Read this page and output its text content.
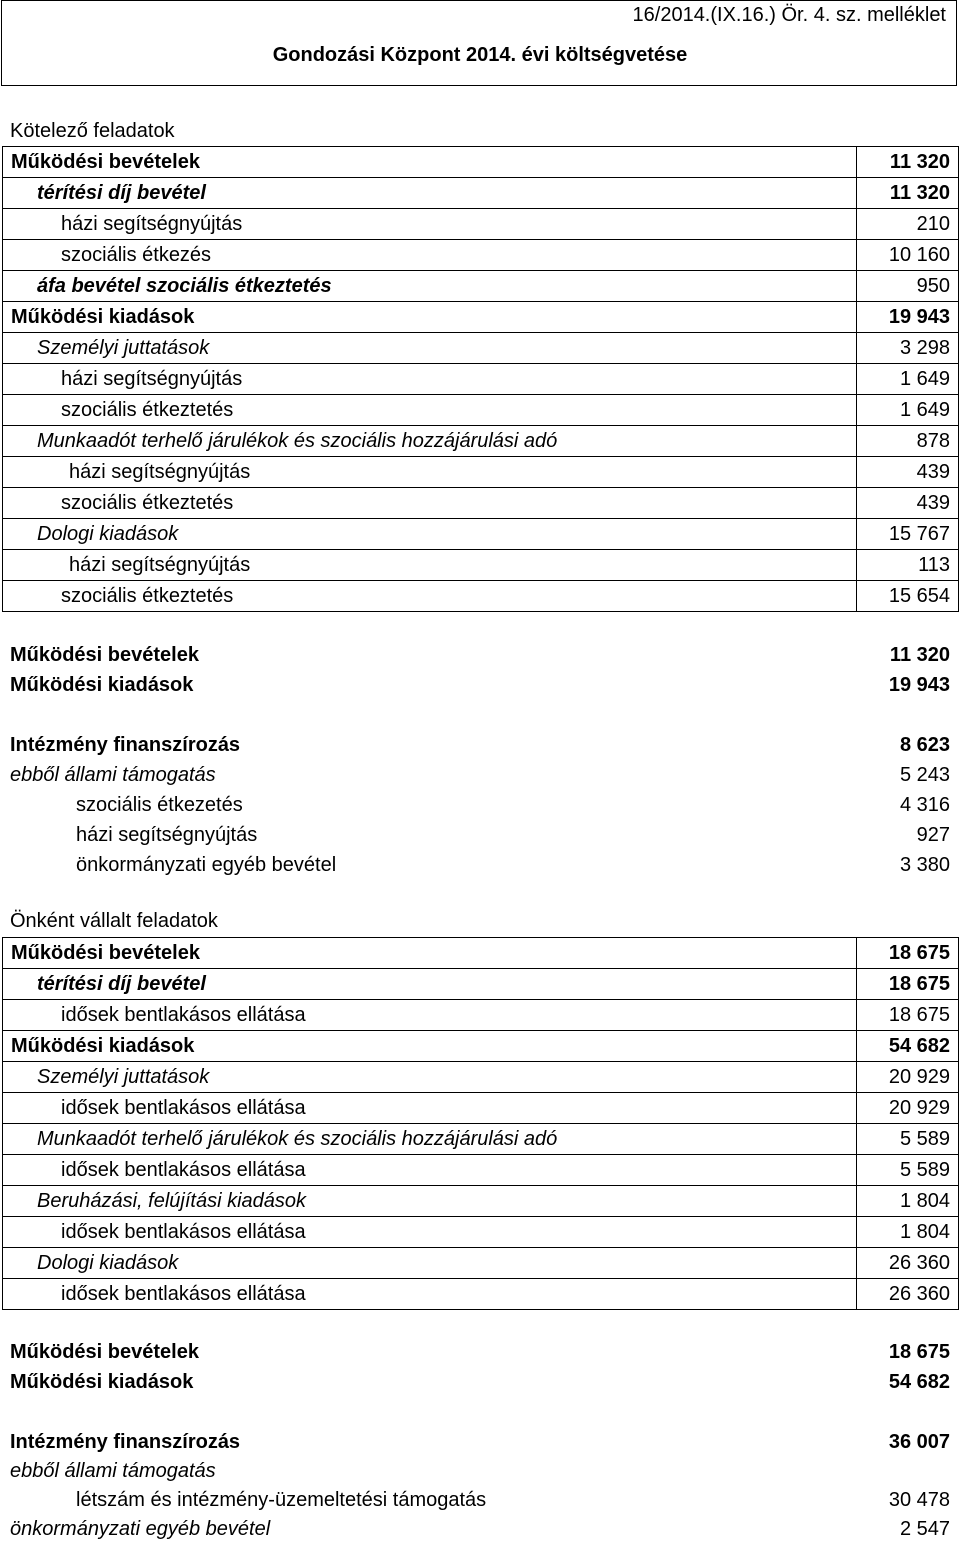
16/2014.(IX.16.) Ör. 4. sz. melléklet
Gondozási Központ 2014. évi költségvetése
Kötelező feladatok
Működési bevételek	11 320
térítési díj bevétel	11 320
házi segítségnyújtás	210
szociális étkezés	10 160
áfa bevétel szociális étkeztetés	950
Működési kiadások	19 943
Személyi juttatások	3 298
házi segítségnyújtás	1 649
szociális étkeztetés	1 649
Munkaadót terhelő járulékok és szociális hozzájárulási adó	878
házi segítségnyújtás	439
szociális étkeztetés	439
Dologi kiadások	15 767
házi segítségnyújtás	113
szociális étkeztetés	15 654
Működési bevételek	11 320
Működési kiadások	19 943
Intézmény finanszírozás	8 623
ebből állami támogatás	5 243
szociális étkezetés	4 316
házi segítségnyújtás	927
önkormányzati egyéb bevétel	3 380
Önként vállalt feladatok
Működési bevételek	18 675
térítési díj bevétel	18 675
idősek bentlakásos ellátása	18 675
Működési kiadások	54 682
Személyi juttatások	20 929
idősek bentlakásos ellátása	20 929
Munkaadót terhelő járulékok és szociális hozzájárulási adó	5 589
idősek bentlakásos ellátása	5 589
Beruházási, felújítási kiadások	1 804
idősek bentlakásos ellátása	1 804
Dologi kiadások	26 360
idősek bentlakásos ellátása	26 360
Működési bevételek	18 675
Működési kiadások	54 682
Intézmény finanszírozás	36 007
ebből állami támogatás
létszám és intézmény-üzemeltetési támogatás	30 478
önkormányzati egyéb bevétel	2 547
